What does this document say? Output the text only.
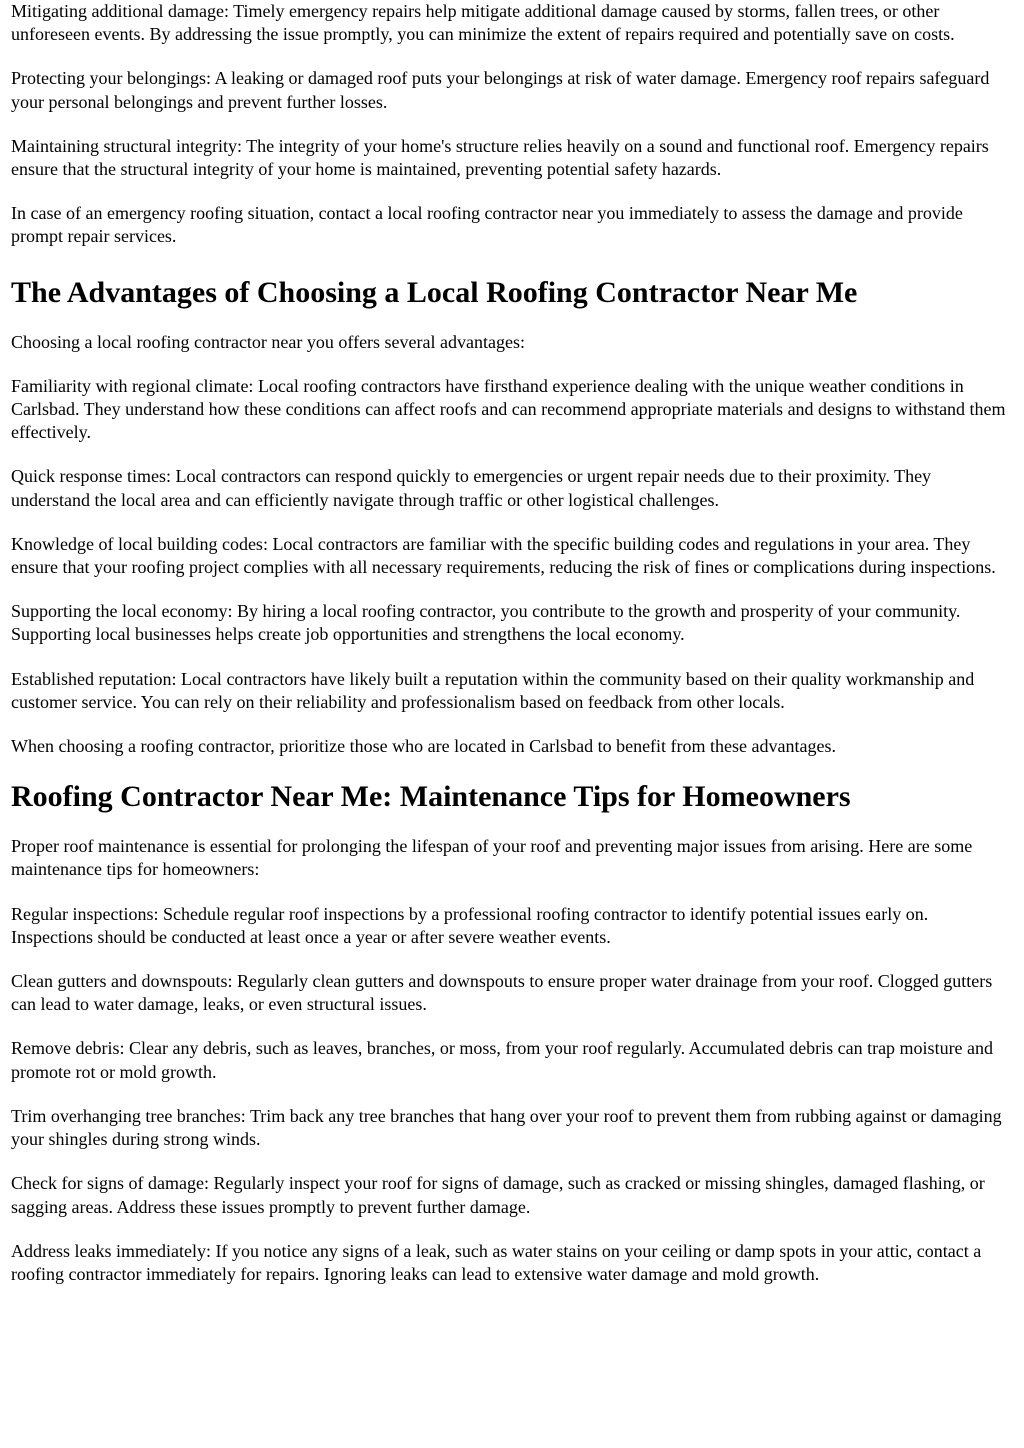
Mitigating additional damage: Timely emergency repairs help mitigate additional damage caused by storms, fallen trees, or other unforeseen events. By addressing the issue promptly, you can minimize the extent of repairs required and potentially save on costs.

Protecting your belongings: A leaking or damaged roof puts your belongings at risk of water damage. Emergency roof repairs safeguard your personal belongings and prevent further losses.

Maintaining structural integrity: The integrity of your home's structure relies heavily on a sound and functional roof. Emergency repairs ensure that the structural integrity of your home is maintained, preventing potential safety hazards.

In case of an emergency roofing situation, contact a local roofing contractor near you immediately to assess the damage and provide prompt repair services.

The Advantages of Choosing a Local Roofing Contractor Near Me

Choosing a local roofing contractor near you offers several advantages:

Familiarity with regional climate: Local roofing contractors have firsthand experience dealing with the unique weather conditions in Carlsbad. They understand how these conditions can affect roofs and can recommend appropriate materials and designs to withstand them effectively.

Quick response times: Local contractors can respond quickly to emergencies or urgent repair needs due to their proximity. They understand the local area and can efficiently navigate through traffic or other logistical challenges.

Knowledge of local building codes: Local contractors are familiar with the specific building codes and regulations in your area. They ensure that your roofing project complies with all necessary requirements, reducing the risk of fines or complications during inspections.

Supporting the local economy: By hiring a local roofing contractor, you contribute to the growth and prosperity of your community. Supporting local businesses helps create job opportunities and strengthens the local economy.

Established reputation: Local contractors have likely built a reputation within the community based on their quality workmanship and customer service. You can rely on their reliability and professionalism based on feedback from other locals.

When choosing a roofing contractor, prioritize those who are located in Carlsbad to benefit from these advantages.

Roofing Contractor Near Me: Maintenance Tips for Homeowners

Proper roof maintenance is essential for prolonging the lifespan of your roof and preventing major issues from arising. Here are some maintenance tips for homeowners:

Regular inspections: Schedule regular roof inspections by a professional roofing contractor to identify potential issues early on. Inspections should be conducted at least once a year or after severe weather events.

Clean gutters and downspouts: Regularly clean gutters and downspouts to ensure proper water drainage from your roof. Clogged gutters can lead to water damage, leaks, or even structural issues.

Remove debris: Clear any debris, such as leaves, branches, or moss, from your roof regularly. Accumulated debris can trap moisture and promote rot or mold growth.

Trim overhanging tree branches: Trim back any tree branches that hang over your roof to prevent them from rubbing against or damaging your shingles during strong winds.

Check for signs of damage: Regularly inspect your roof for signs of damage, such as cracked or missing shingles, damaged flashing, or sagging areas. Address these issues promptly to prevent further damage.

Address leaks immediately: If you notice any signs of a leak, such as water stains on your ceiling or damp spots in your attic, contact a roofing contractor immediately for repairs. Ignoring leaks can lead to extensive water damage and mold growth.
